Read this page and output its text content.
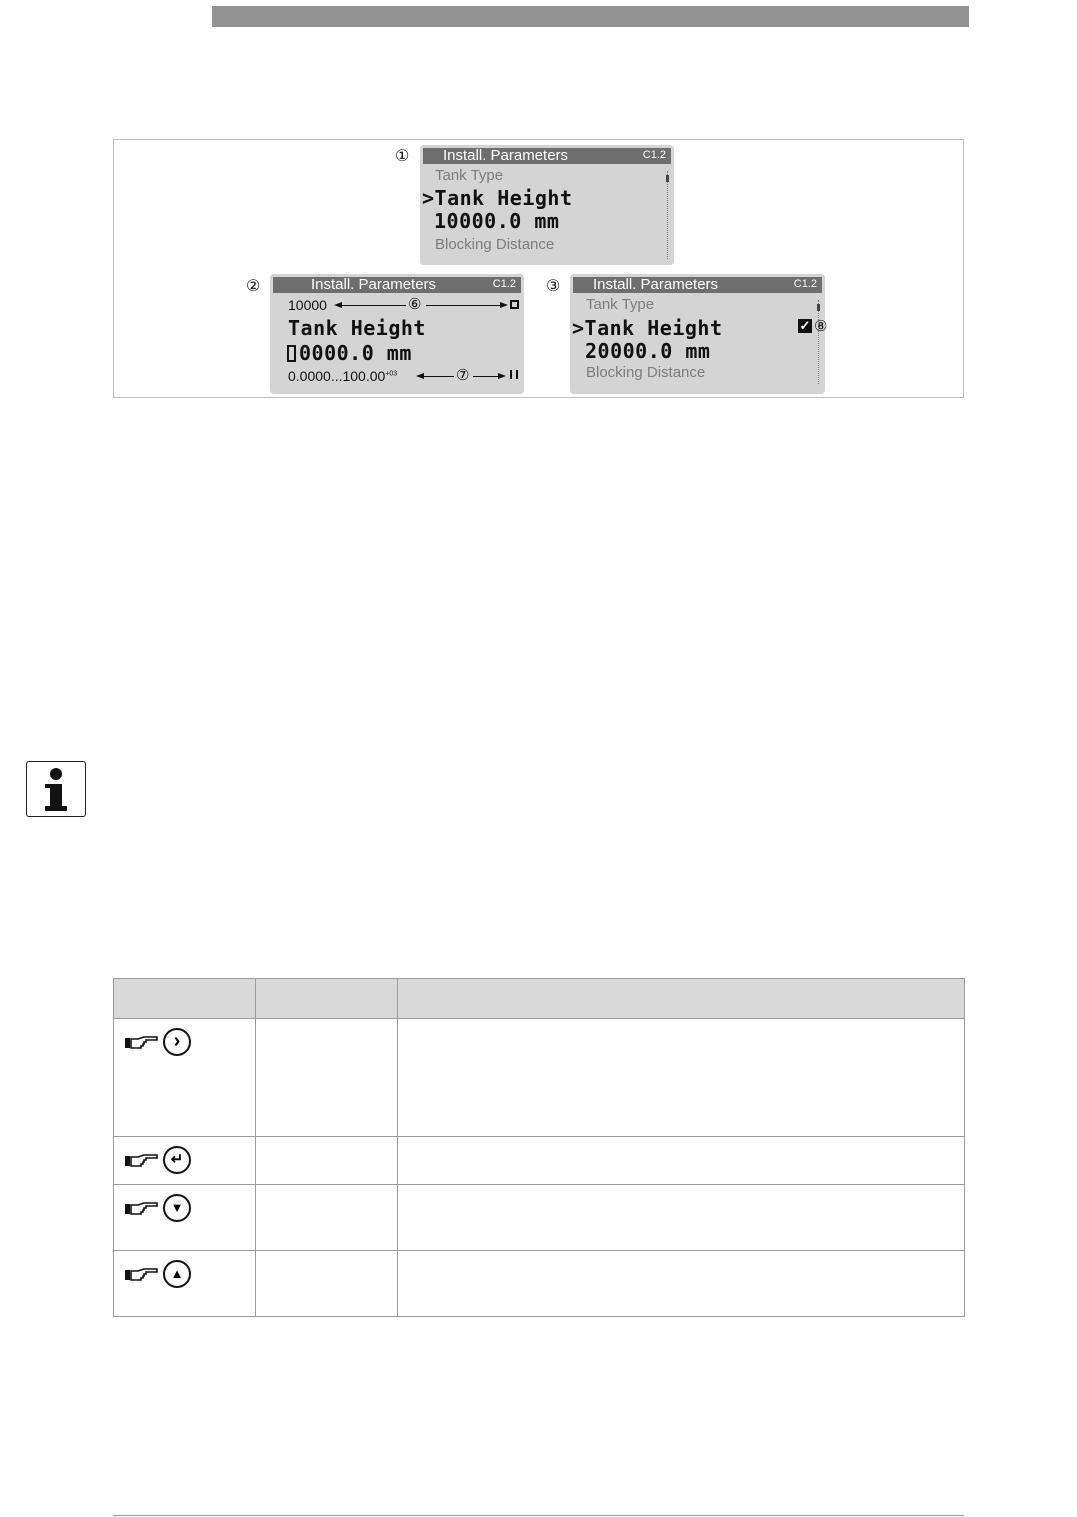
① Install. Parameters	C1.2
Tank Type
>Tank Height
10000.0 mm
Blocking Distance
②	Install. Parameters	C1.2
10000	⑥
Tank Height
0000.0 mm
$0.0000...100.00^{+03}$	⑦
③ Install. Parameters	C1.2
Tank Type
>Tank Height
20000.0 mm
Blocking Distance
✓ ⑧

›		

↵		

▼		

▲		
